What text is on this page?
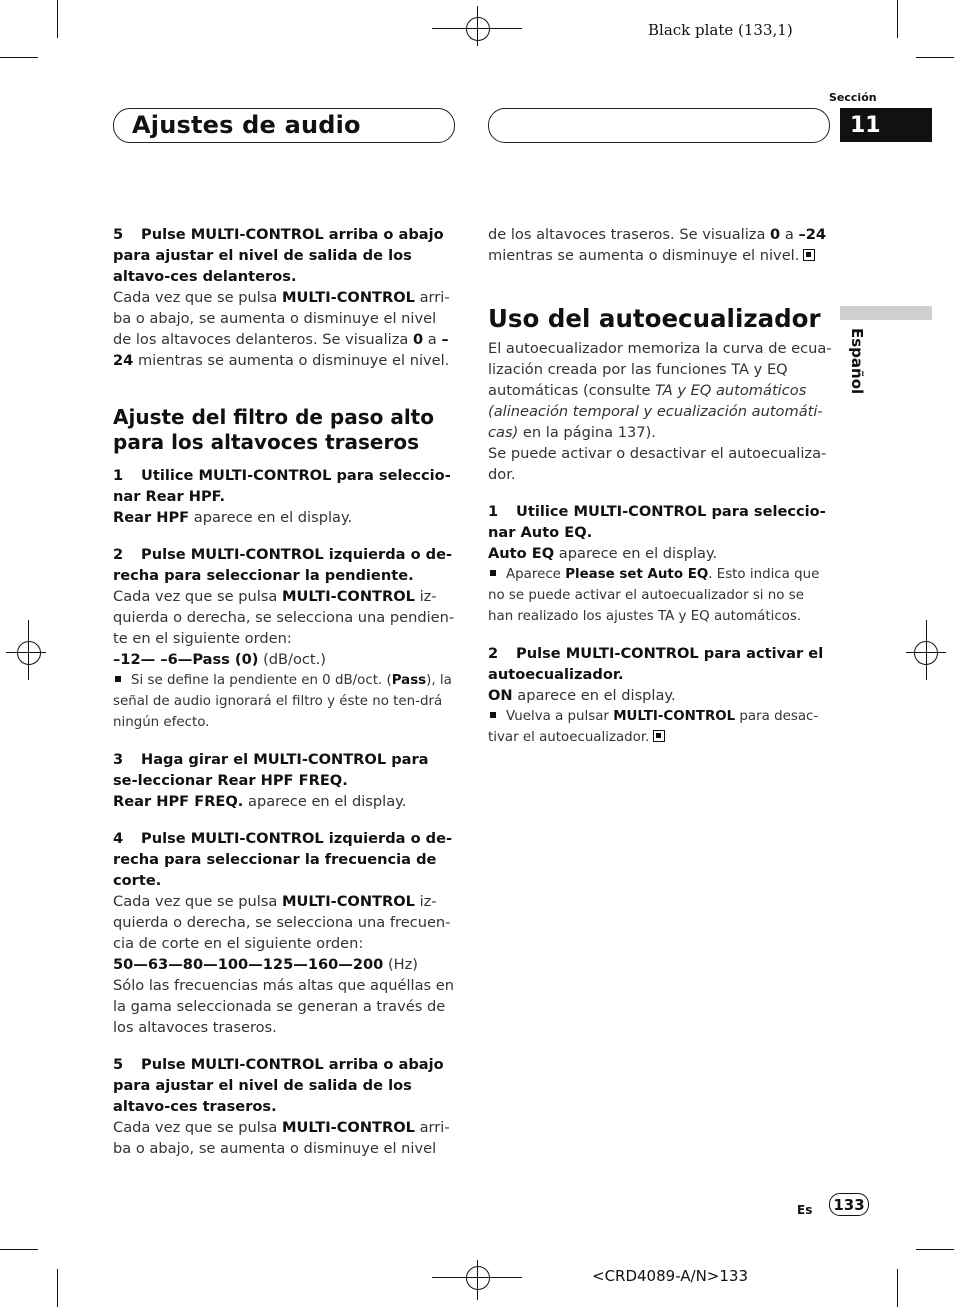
Black plate (133,1)
Ajustes de audio
Sección
11
Español

5 Pulse MULTI-CONTROL arriba o abajo para ajustar el nivel de salida de los altavo-ces delanteros.

Cada vez que se pulsa MULTI-CONTROL arri-ba o abajo, se aumenta o disminuye el nivel de los altavoces delanteros. Se visualiza 0 a –24 mientras se aumenta o disminuye el nivel.

Ajuste del filtro de paso alto para los altavoces traseros

1 Utilice MULTI-CONTROL para seleccio-nar Rear HPF.

Rear HPF aparece en el display.

2 Pulse MULTI-CONTROL izquierda o de-recha para seleccionar la pendiente.

Cada vez que se pulsa MULTI-CONTROL iz-quierda o derecha, se selecciona una pendien-te en el siguiente orden:

–12— –6—Pass (0) (dB/oct.)

Si se define la pendiente en 0 dB/oct. (Pass), la señal de audio ignorará el filtro y éste no ten-drá ningún efecto.

3 Haga girar el MULTI-CONTROL para se-leccionar Rear HPF FREQ.

Rear HPF FREQ. aparece en el display.

4 Pulse MULTI-CONTROL izquierda o de-recha para seleccionar la frecuencia de corte.

Cada vez que se pulsa MULTI-CONTROL iz-quierda o derecha, se selecciona una frecuen-cia de corte en el siguiente orden:

50—63—80—100—125—160—200 (Hz)

Sólo las frecuencias más altas que aquéllas en la gama seleccionada se generan a través de los altavoces traseros.

5 Pulse MULTI-CONTROL arriba o abajo para ajustar el nivel de salida de los altavo-ces traseros.

Cada vez que se pulsa MULTI-CONTROL arri-ba o abajo, se aumenta o disminuye el nivel

de los altavoces traseros. Se visualiza 0 a –24 mientras se aumenta o disminuye el nivel.

Uso del autoecualizador

El autoecualizador memoriza la curva de ecua-lización creada por las funciones TA y EQ automáticas (consulte TA y EQ automáticos (alineación temporal y ecualización automáti-cas) en la página 137).

Se puede activar o desactivar el autoecualiza-dor.

1 Utilice MULTI-CONTROL para seleccio-nar Auto EQ.

Auto EQ aparece en el display.

Aparece Please set Auto EQ. Esto indica que no se puede activar el autoecualizador si no se han realizado los ajustes TA y EQ automáticos.

2 Pulse MULTI-CONTROL para activar el autoecualizador.

ON aparece en el display.

Vuelva a pulsar MULTI-CONTROL para desac-tivar el autoecualizador.

Es 133
<CRD4089-A/N>133
